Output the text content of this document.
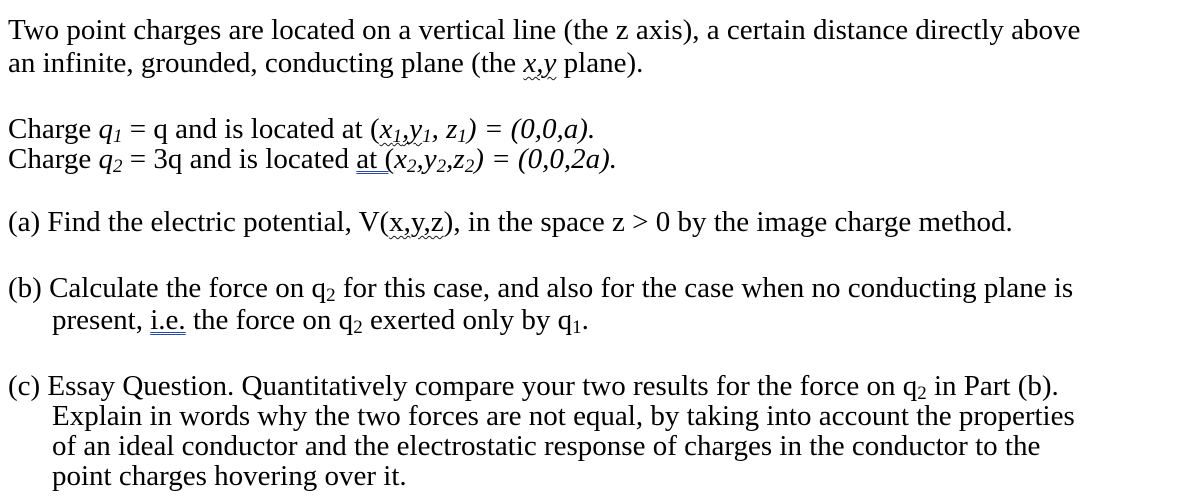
Two point charges are located on a vertical line (the z axis), a certain distance directly above
an infinite, grounded, conducting plane (the x,y plane).
Charge $q_1 = q$ and is located at ($x_1,y_1$, $z_1) = (0,0,a)$.
Charge $q_2 = 3q$ and is located at $(x_2,y_2,z_2) = (0,0,2a)$.
(a) Find the electric potential, V(x,y,z), in the space z > 0 by the image charge method.
(b) Calculate the force on $q_2$ for this case, and also for the case when no conducting plane is
present, i.e. the force on $q_2$ exerted only by $q_1$.
(c) Essay Question. Quantitatively compare your two results for the force on $q_2$ in Part (b).
Explain in words why the two forces are not equal, by taking into account the properties
of an ideal conductor and the electrostatic response of charges in the conductor to the
point charges hovering over it.
